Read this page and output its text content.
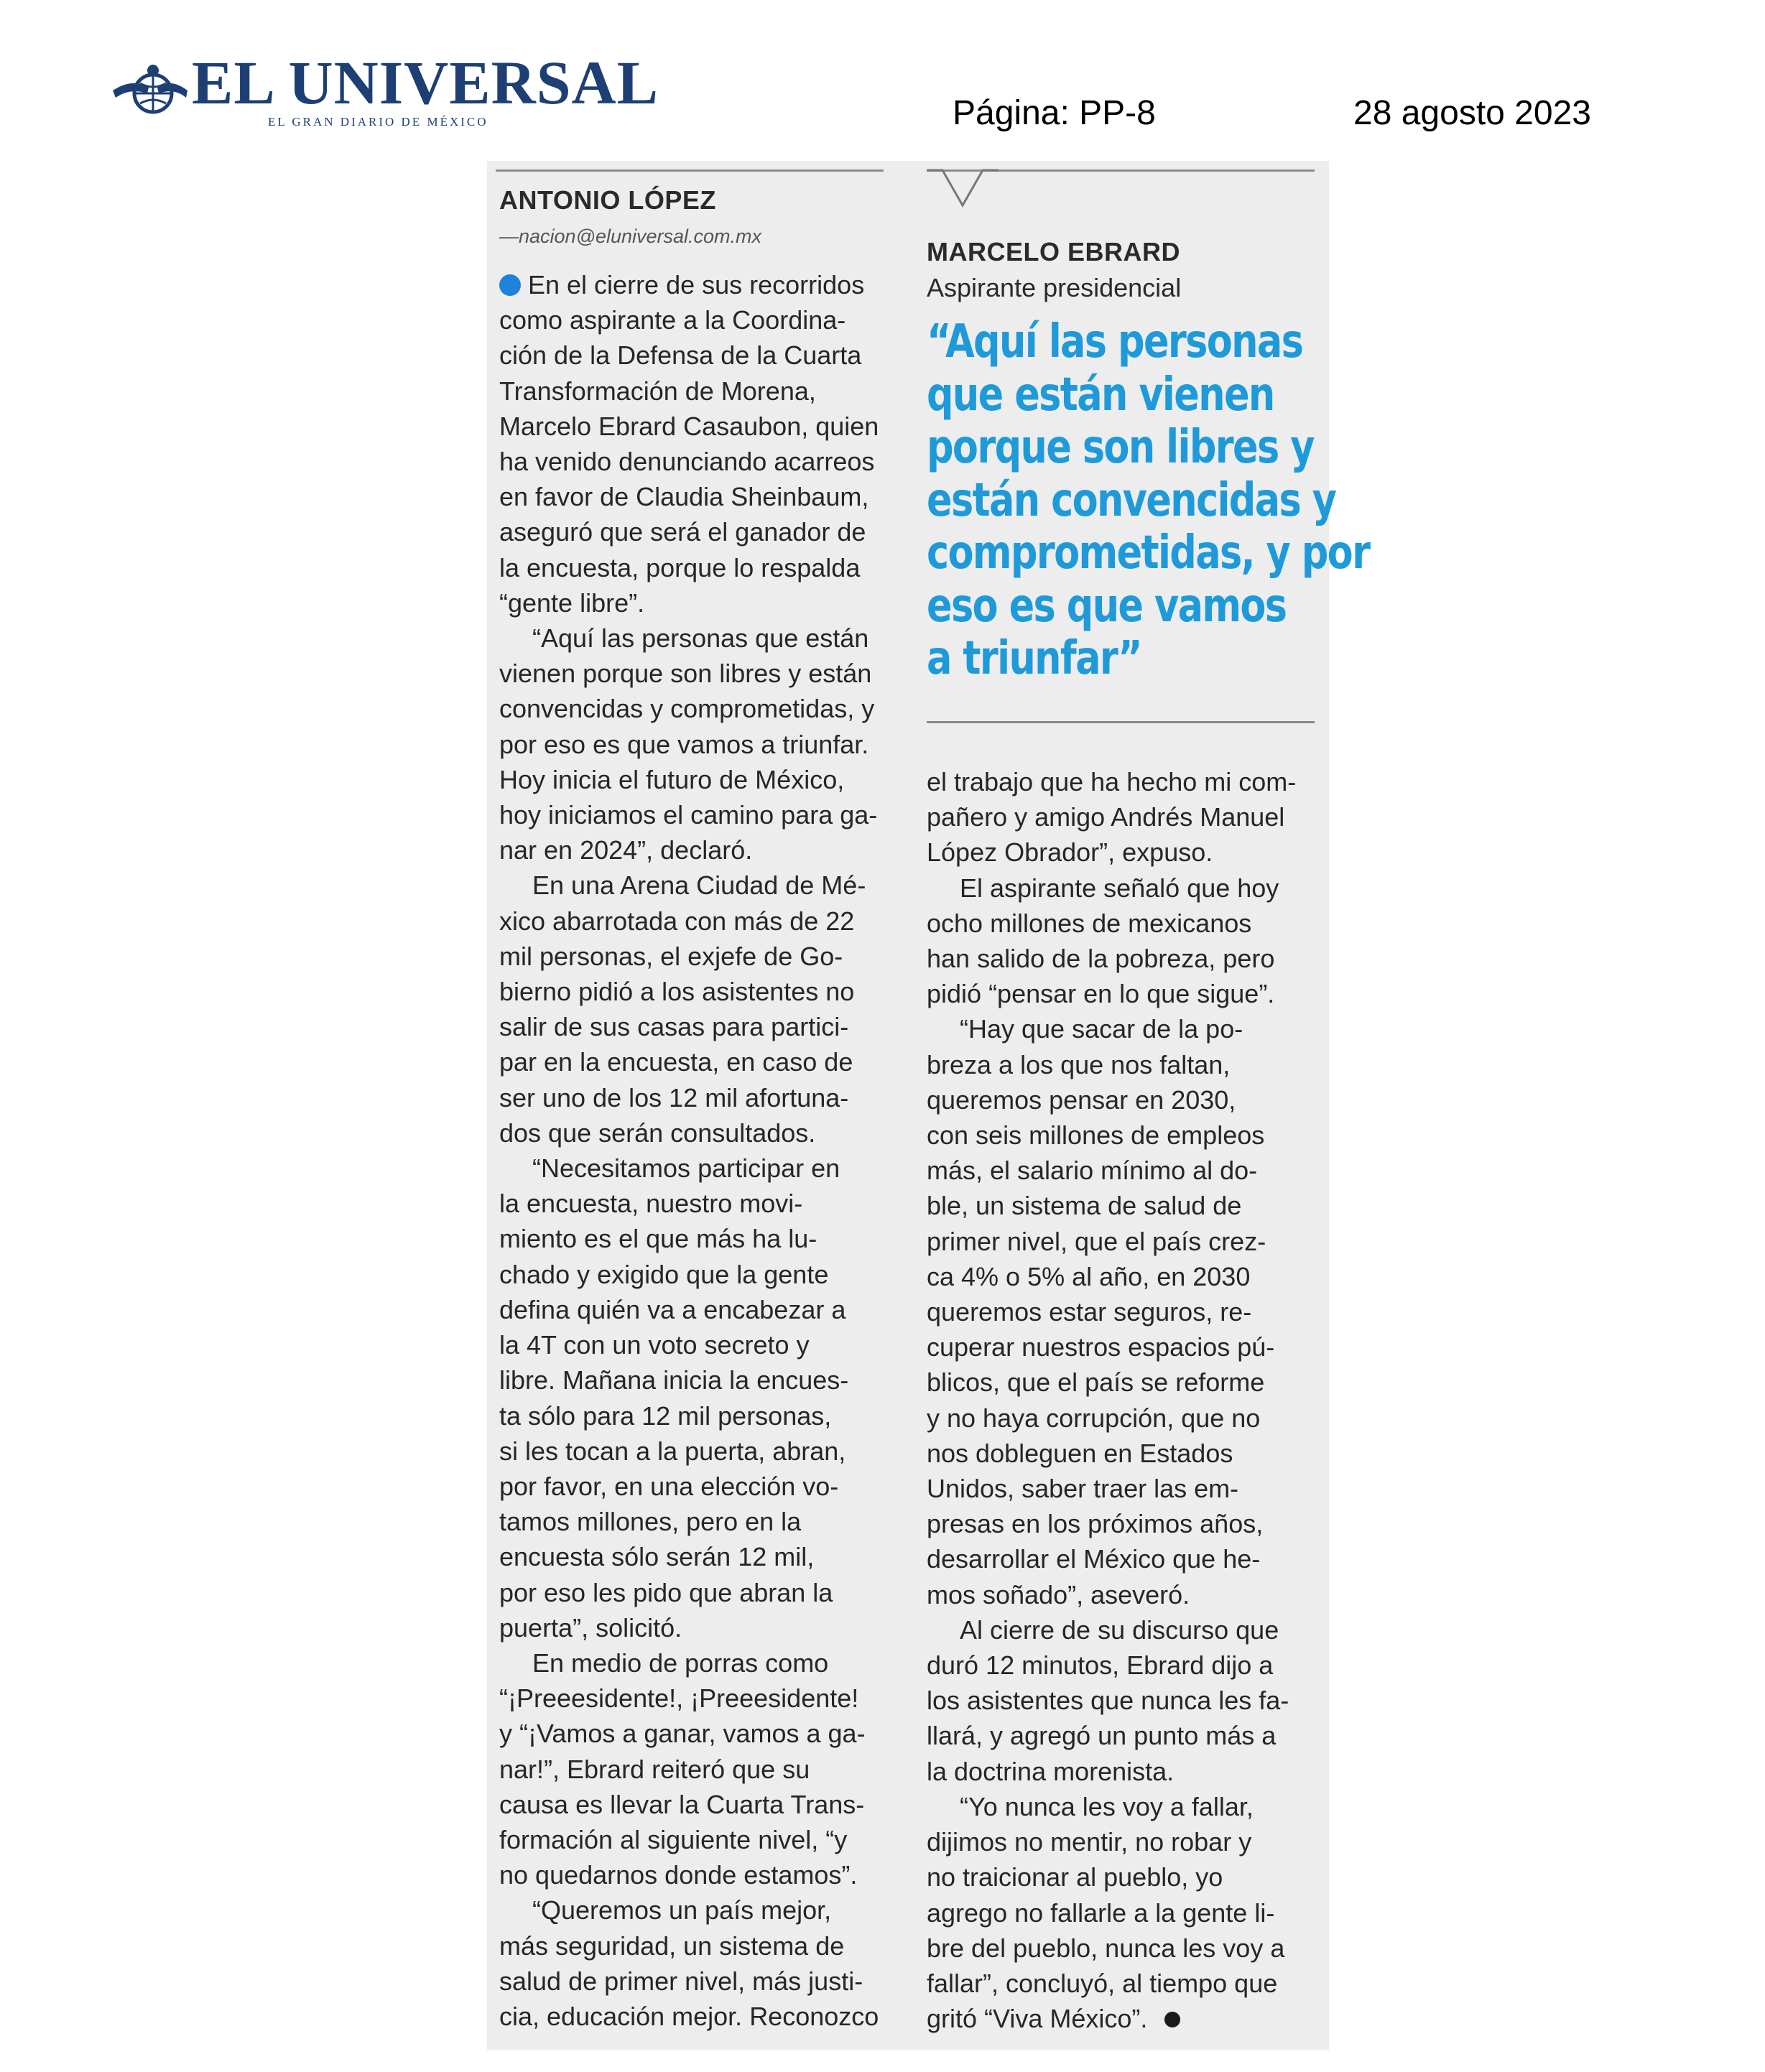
EL UNIVERSAL
EL GRAN DIARIO DE MÉXICO	Página: PP-8	28 agosto 2023
ANTONIO LÓPEZ
—nacion@eluniversal.com.mx

En el cierre de sus recorridos
como aspirante a la Coordina-
ción de la Defensa de la Cuarta
Transformación de Morena,
Marcelo Ebrard Casaubon, quien
ha venido denunciando acarreos
en favor de Claudia Sheinbaum,
aseguró que será el ganador de
la encuesta, porque lo respalda
“gente libre”.

“Aquí las personas que están
vienen porque son libres y están
convencidas y comprometidas, y
por eso es que vamos a triunfar.
Hoy inicia el futuro de México,
hoy iniciamos el camino para ga-
nar en 2024”, declaró.

En una Arena Ciudad de Mé-
xico abarrotada con más de 22
mil personas, el exjefe de Go-
bierno pidió a los asistentes no
salir de sus casas para partici-
par en la encuesta, en caso de
ser uno de los 12 mil afortuna-
dos que serán consultados.

“Necesitamos participar en
la encuesta, nuestro movi-
miento es el que más ha lu-
chado y exigido que la gente
defina quién va a encabezar a
la 4T con un voto secreto y
libre. Mañana inicia la encues-
ta sólo para 12 mil personas,
si les tocan a la puerta, abran,
por favor, en una elección vo-
tamos millones, pero en la
encuesta sólo serán 12 mil,
por eso les pido que abran la
puerta”, solicitó.

En medio de porras como
“¡Preeesidente!, ¡Preeesidente!
y “¡Vamos a ganar, vamos a ga-
nar!”, Ebrard reiteró que su
causa es llevar la Cuarta Trans-
formación al siguiente nivel, “y
no quedarnos donde estamos”.

“Queremos un país mejor,
más seguridad, un sistema de
salud de primer nivel, más justi-
cia, educación mejor. Reconozco

MARCELO EBRARD
Aspirante presidencial
“Aquí las personas
que están vienen
porque son libres y
están convencidas y
comprometidas, y por
eso es que vamos
a triunfar”

el trabajo que ha hecho mi com-
pañero y amigo Andrés Manuel
López Obrador”, expuso.

El aspirante señaló que hoy
ocho millones de mexicanos
han salido de la pobreza, pero
pidió “pensar en lo que sigue”.

“Hay que sacar de la po-
breza a los que nos faltan,
queremos pensar en 2030,
con seis millones de empleos
más, el salario mínimo al do-
ble, un sistema de salud de
primer nivel, que el país crez-
ca 4% o 5% al año, en 2030
queremos estar seguros, re-
cuperar nuestros espacios pú-
blicos, que el país se reforme
y no haya corrupción, que no
nos dobleguen en Estados
Unidos, saber traer las em-
presas en los próximos años,
desarrollar el México que he-
mos soñado”, aseveró.

Al cierre de su discurso que
duró 12 minutos, Ebrard dijo a
los asistentes que nunca les fa-
llará, y agregó un punto más a
la doctrina morenista.

“Yo nunca les voy a fallar,
dijimos no mentir, no robar y
no traicionar al pueblo, yo
agrego no fallarle a la gente li-
bre del pueblo, nunca les voy a
fallar”, concluyó, al tiempo que
gritó “Viva México”.
